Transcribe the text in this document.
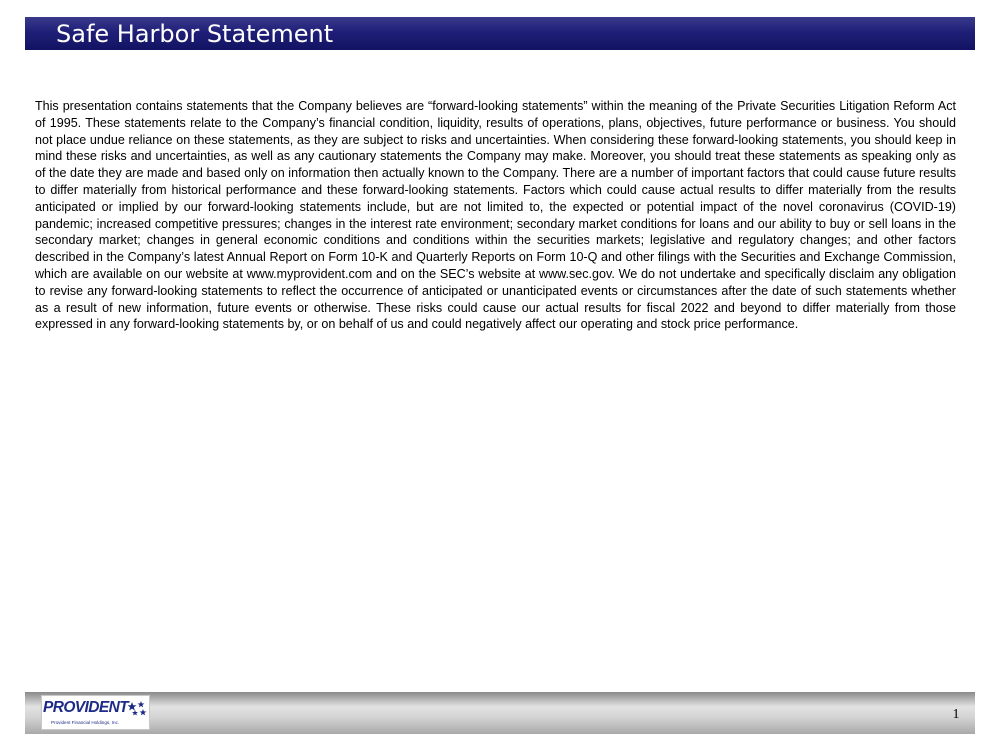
Safe Harbor Statement

This presentation contains statements that the Company believes are “forward-looking statements” within the meaning of the Private Securities Litigation Reform Act of 1995. These statements relate to the Company’s financial condition, liquidity, results of operations, plans, objectives, future performance or business. You should not place undue reliance on these statements, as they are subject to risks and uncertainties. When considering these forward-looking statements, you should keep in mind these risks and uncertainties, as well as any cautionary statements the Company may make. Moreover, you should treat these statements as speaking only as of the date they are made and based only on information then actually known to the Company. There are a number of important factors that could cause future results to differ materially from historical performance and these forward-looking statements. Factors which could cause actual results to differ materially from the results anticipated or implied by our forward-looking statements include, but are not limited to, the expected or potential impact of the novel coronavirus (COVID-19) pandemic; increased competitive pressures; changes in the interest rate environment; secondary market conditions for loans and our ability to buy or sell loans in the secondary market; changes in general economic conditions and conditions within the securities markets; legislative and regulatory changes; and other factors described in the Company’s latest Annual Report on Form 10-K and Quarterly Reports on Form 10-Q and other filings with the Securities and Exchange Commission, which are available on our website at www.myprovident.com and on the SEC’s website at www.sec.gov. We do not undertake and specifically disclaim any obligation to revise any forward-looking statements to reflect the occurrence of anticipated or unanticipated events or circumstances after the date of such statements whether as a result of new information, future events or otherwise. These risks could cause our actual results for fiscal 2022 and beyond to differ materially from those expressed in any forward-looking statements by, or on behalf of us and could negatively affect our operating and stock price performance.

PROVIDENT
Provident Financial Holdings, Inc.
1
